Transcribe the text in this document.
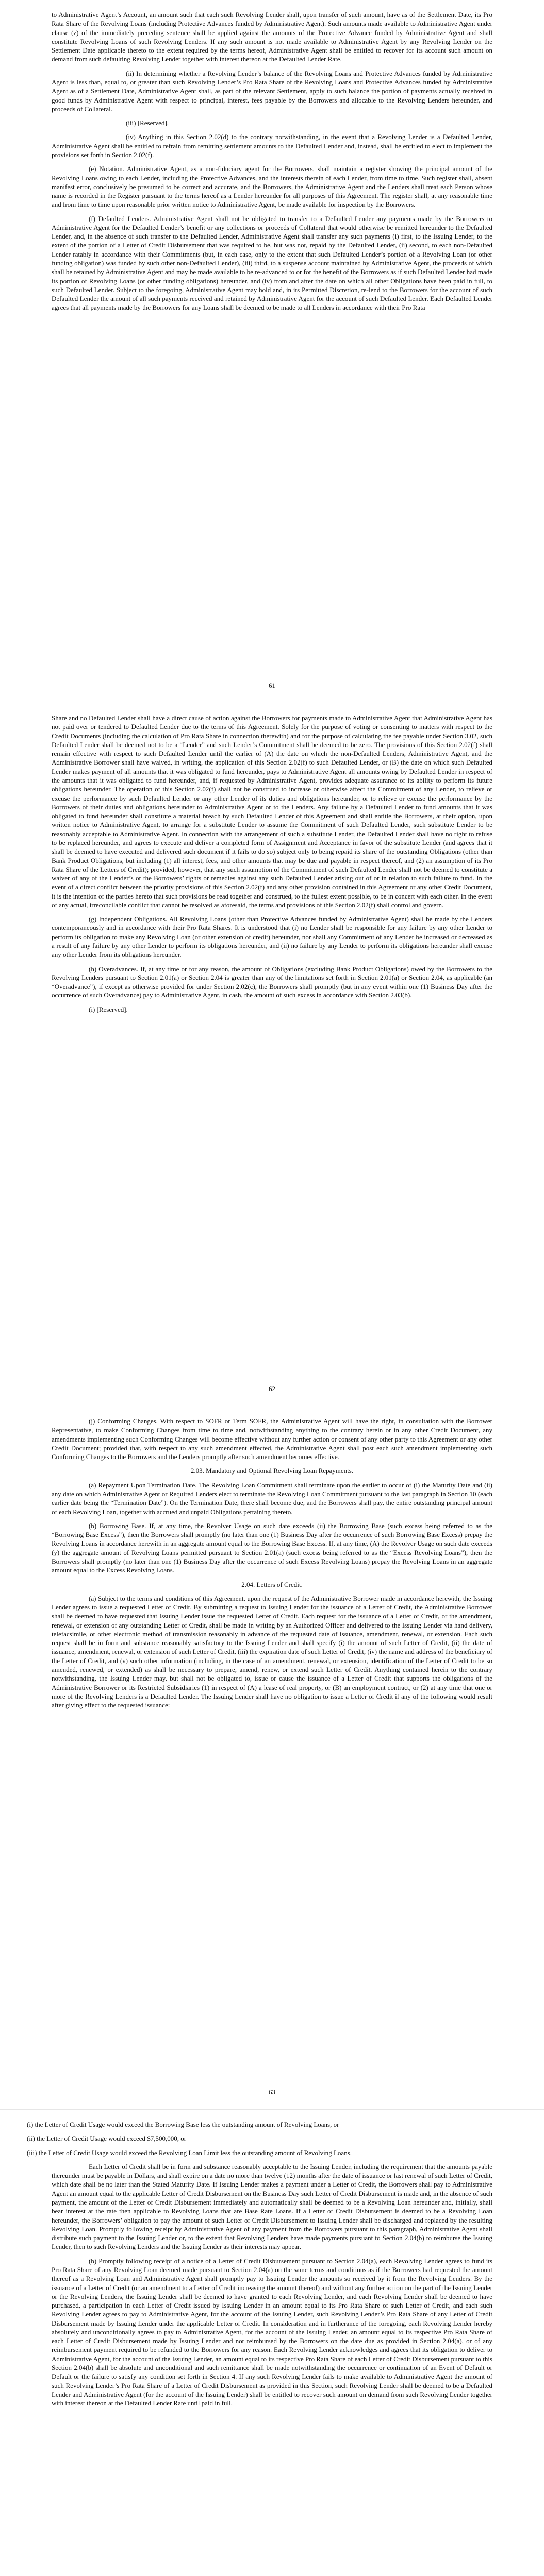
to Administrative Agent’s Account, an amount such that each such Revolving Lender shall, upon transfer of such amount, have as of the Settlement Date, its Pro Rata Share of the Revolving Loans (including Protective Advances funded by Administrative Agent). Such amounts made available to Administrative Agent under clause (z) of the immediately preceding sentence shall be applied against the amounts of the Protective Advance funded by Administrative Agent and shall constitute Revolving Loans of such Revolving Lenders. If any such amount is not made available to Administrative Agent by any Revolving Lender on the Settlement Date applicable thereto to the extent required by the terms hereof, Administrative Agent shall be entitled to recover for its account such amount on demand from such defaulting Revolving Lender together with interest thereon at the Defaulted Lender Rate.

(ii) In determining whether a Revolving Lender’s balance of the Revolving Loans and Protective Advances funded by Administrative Agent is less than, equal to, or greater than such Revolving Lender’s Pro Rata Share of the Revolving Loans and Protective Advances funded by Administrative Agent as of a Settlement Date, Administrative Agent shall, as part of the relevant Settlement, apply to such balance the portion of payments actually received in good funds by Administrative Agent with respect to principal, interest, fees payable by the Borrowers and allocable to the Revolving Lenders hereunder, and proceeds of Collateral.

(iii) [Reserved].

(iv) Anything in this Section 2.02(d) to the contrary notwithstanding, in the event that a Revolving Lender is a Defaulted Lender, Administrative Agent shall be entitled to refrain from remitting settlement amounts to the Defaulted Lender and, instead, shall be entitled to elect to implement the provisions set forth in Section 2.02(f).

(e) Notation. Administrative Agent, as a non-fiduciary agent for the Borrowers, shall maintain a register showing the principal amount of the Revolving Loans owing to each Lender, including the Protective Advances, and the interests therein of each Lender, from time to time. Such register shall, absent manifest error, conclusively be presumed to be correct and accurate, and the Borrowers, the Administrative Agent and the Lenders shall treat each Person whose name is recorded in the Register pursuant to the terms hereof as a Lender hereunder for all purposes of this Agreement. The register shall, at any reasonable time and from time to time upon reasonable prior written notice to Administrative Agent, be made available for inspection by the Borrowers.

(f) Defaulted Lenders. Administrative Agent shall not be obligated to transfer to a Defaulted Lender any payments made by the Borrowers to Administrative Agent for the Defaulted Lender’s benefit or any collections or proceeds of Collateral that would otherwise be remitted hereunder to the Defaulted Lender, and, in the absence of such transfer to the Defaulted Lender, Administrative Agent shall transfer any such payments (i) first, to the Issuing Lender, to the extent of the portion of a Letter of Credit Disbursement that was required to be, but was not, repaid by the Defaulted Lender, (ii) second, to each non-Defaulted Lender ratably in accordance with their Commitments (but, in each case, only to the extent that such Defaulted Lender’s portion of a Revolving Loan (or other funding obligation) was funded by such other non-Defaulted Lender), (iii) third, to a suspense account maintained by Administrative Agent, the proceeds of which shall be retained by Administrative Agent and may be made available to be re-advanced to or for the benefit of the Borrowers as if such Defaulted Lender had made its portion of Revolving Loans (or other funding obligations) hereunder, and (iv) from and after the date on which all other Obligations have been paid in full, to such Defaulted Lender. Subject to the foregoing, Administrative Agent may hold and, in its Permitted Discretion, re-lend to the Borrowers for the account of such Defaulted Lender the amount of all such payments received and retained by Administrative Agent for the account of such Defaulted Lender. Each Defaulted Lender agrees that all payments made by the Borrowers for any Loans shall be deemed to be made to all Lenders in accordance with their Pro Rata

61

Share and no Defaulted Lender shall have a direct cause of action against the Borrowers for payments made to Administrative Agent that Administrative Agent has not paid over or tendered to Defaulted Lender due to the terms of this Agreement. Solely for the purpose of voting or consenting to matters with respect to the Credit Documents (including the calculation of Pro Rata Share in connection therewith) and for the purpose of calculating the fee payable under Section 3.02, such Defaulted Lender shall be deemed not to be a “Lender” and such Lender’s Commitment shall be deemed to be zero. The provisions of this Section 2.02(f) shall remain effective with respect to such Defaulted Lender until the earlier of (A) the date on which the non-Defaulted Lenders, Administrative Agent, and the Administrative Borrower shall have waived, in writing, the application of this Section 2.02(f) to such Defaulted Lender, or (B) the date on which such Defaulted Lender makes payment of all amounts that it was obligated to fund hereunder, pays to Administrative Agent all amounts owing by Defaulted Lender in respect of the amounts that it was obligated to fund hereunder, and, if requested by Administrative Agent, provides adequate assurance of its ability to perform its future obligations hereunder. The operation of this Section 2.02(f) shall not be construed to increase or otherwise affect the Commitment of any Lender, to relieve or excuse the performance by such Defaulted Lender or any other Lender of its duties and obligations hereunder, or to relieve or excuse the performance by the Borrowers of their duties and obligations hereunder to Administrative Agent or to the Lenders. Any failure by a Defaulted Lender to fund amounts that it was obligated to fund hereunder shall constitute a material breach by such Defaulted Lender of this Agreement and shall entitle the Borrowers, at their option, upon written notice to Administrative Agent, to arrange for a substitute Lender to assume the Commitment of such Defaulted Lender, such substitute Lender to be reasonably acceptable to Administrative Agent. In connection with the arrangement of such a substitute Lender, the Defaulted Lender shall have no right to refuse to be replaced hereunder, and agrees to execute and deliver a completed form of Assignment and Acceptance in favor of the substitute Lender (and agrees that it shall be deemed to have executed and delivered such document if it fails to do so) subject only to being repaid its share of the outstanding Obligations (other than Bank Product Obligations, but including (1) all interest, fees, and other amounts that may be due and payable in respect thereof, and (2) an assumption of its Pro Rata Share of the Letters of Credit); provided, however, that any such assumption of the Commitment of such Defaulted Lender shall not be deemed to constitute a waiver of any of the Lender’s or the Borrowers’ rights or remedies against any such Defaulted Lender arising out of or in relation to such failure to fund. In the event of a direct conflict between the priority provisions of this Section 2.02(f) and any other provision contained in this Agreement or any other Credit Document, it is the intention of the parties hereto that such provisions be read together and construed, to the fullest extent possible, to be in concert with each other. In the event of any actual, irreconcilable conflict that cannot be resolved as aforesaid, the terms and provisions of this Section 2.02(f) shall control and govern.

(g) Independent Obligations. All Revolving Loans (other than Protective Advances funded by Administrative Agent) shall be made by the Lenders contemporaneously and in accordance with their Pro Rata Shares. It is understood that (i) no Lender shall be responsible for any failure by any other Lender to perform its obligation to make any Revolving Loan (or other extension of credit) hereunder, nor shall any Commitment of any Lender be increased or decreased as a result of any failure by any other Lender to perform its obligations hereunder, and (ii) no failure by any Lender to perform its obligations hereunder shall excuse any other Lender from its obligations hereunder.

(h) Overadvances. If, at any time or for any reason, the amount of Obligations (excluding Bank Product Obligations) owed by the Borrowers to the Revolving Lenders pursuant to Section 2.01(a) or Section 2.04 is greater than any of the limitations set forth in Section 2.01(a) or Section 2.04, as applicable (an “Overadvance”), if except as otherwise provided for under Section 2.02(c), the Borrowers shall promptly (but in any event within one (1) Business Day after the occurrence of such Overadvance) pay to Administrative Agent, in cash, the amount of such excess in accordance with Section 2.03(b).

(i) [Reserved].

62

(j) Conforming Changes. With respect to SOFR or Term SOFR, the Administrative Agent will have the right, in consultation with the Borrower Representative, to make Conforming Changes from time to time and, notwithstanding anything to the contrary herein or in any other Credit Document, any amendments implementing such Conforming Changes will become effective without any further action or consent of any other party to this Agreement or any other Credit Document; provided that, with respect to any such amendment effected, the Administrative Agent shall post each such amendment implementing such Conforming Changes to the Borrowers and the Lenders promptly after such amendment becomes effective.

2.03. Mandatory and Optional Revolving Loan Repayments.

(a) Repayment Upon Termination Date. The Revolving Loan Commitment shall terminate upon the earlier to occur of (i) the Maturity Date and (ii) any date on which Administrative Agent or Required Lenders elect to terminate the Revolving Loan Commitment pursuant to the last paragraph in Section 10 (each earlier date being the “Termination Date”). On the Termination Date, there shall become due, and the Borrowers shall pay, the entire outstanding principal amount of each Revolving Loan, together with accrued and unpaid Obligations pertaining thereto.

(b) Borrowing Base. If, at any time, the Revolver Usage on such date exceeds (ii) the Borrowing Base (such excess being referred to as the “Borrowing Base Excess”), then the Borrowers shall promptly (no later than one (1) Business Day after the occurrence of such Borrowing Base Excess) prepay the Revolving Loans in accordance herewith in an aggregate amount equal to the Borrowing Base Excess. If, at any time, (A) the Revolver Usage on such date exceeds (y) the aggregate amount of Revolving Loans permitted pursuant to Section 2.01(a) (such excess being referred to as the “Excess Revolving Loans”), then the Borrowers shall promptly (no later than one (1) Business Day after the occurrence of such Excess Revolving Loans) prepay the Revolving Loans in an aggregate amount equal to the Excess Revolving Loans.

2.04. Letters of Credit.

(a) Subject to the terms and conditions of this Agreement, upon the request of the Administrative Borrower made in accordance herewith, the Issuing Lender agrees to issue a requested Letter of Credit. By submitting a request to Issuing Lender for the issuance of a Letter of Credit, the Administrative Borrower shall be deemed to have requested that Issuing Lender issue the requested Letter of Credit. Each request for the issuance of a Letter of Credit, or the amendment, renewal, or extension of any outstanding Letter of Credit, shall be made in writing by an Authorized Officer and delivered to the Issuing Lender via hand delivery, telefacsimile, or other electronic method of transmission reasonably in advance of the requested date of issuance, amendment, renewal, or extension. Each such request shall be in form and substance reasonably satisfactory to the Issuing Lender and shall specify (i) the amount of such Letter of Credit, (ii) the date of issuance, amendment, renewal, or extension of such Letter of Credit, (iii) the expiration date of such Letter of Credit, (iv) the name and address of the beneficiary of the Letter of Credit, and (v) such other information (including, in the case of an amendment, renewal, or extension, identification of the Letter of Credit to be so amended, renewed, or extended) as shall be necessary to prepare, amend, renew, or extend such Letter of Credit. Anything contained herein to the contrary notwithstanding, the Issuing Lender may, but shall not be obligated to, issue or cause the issuance of a Letter of Credit that supports the obligations of the Administrative Borrower or its Restricted Subsidiaries (1) in respect of (A) a lease of real property, or (B) an employment contract, or (2) at any time that one or more of the Revolving Lenders is a Defaulted Lender. The Issuing Lender shall have no obligation to issue a Letter of Credit if any of the following would result after giving effect to the requested issuance:

63

(i) the Letter of Credit Usage would exceed the Borrowing Base less the outstanding amount of Revolving Loans, or

(ii) the Letter of Credit Usage would exceed $7,500,000, or

(iii) the Letter of Credit Usage would exceed the Revolving Loan Limit less the outstanding amount of Revolving Loans.

Each Letter of Credit shall be in form and substance reasonably acceptable to the Issuing Lender, including the requirement that the amounts payable thereunder must be payable in Dollars, and shall expire on a date no more than twelve (12) months after the date of issuance or last renewal of such Letter of Credit, which date shall be no later than the Stated Maturity Date. If Issuing Lender makes a payment under a Letter of Credit, the Borrowers shall pay to Administrative Agent an amount equal to the applicable Letter of Credit Disbursement on the Business Day such Letter of Credit Disbursement is made and, in the absence of such payment, the amount of the Letter of Credit Disbursement immediately and automatically shall be deemed to be a Revolving Loan hereunder and, initially, shall bear interest at the rate then applicable to Revolving Loans that are Base Rate Loans. If a Letter of Credit Disbursement is deemed to be a Revolving Loan hereunder, the Borrowers’ obligation to pay the amount of such Letter of Credit Disbursement to Issuing Lender shall be discharged and replaced by the resulting Revolving Loan. Promptly following receipt by Administrative Agent of any payment from the Borrowers pursuant to this paragraph, Administrative Agent shall distribute such payment to the Issuing Lender or, to the extent that Revolving Lenders have made payments pursuant to Section 2.04(b) to reimburse the Issuing Lender, then to such Revolving Lenders and the Issuing Lender as their interests may appear.

(b) Promptly following receipt of a notice of a Letter of Credit Disbursement pursuant to Section 2.04(a), each Revolving Lender agrees to fund its Pro Rata Share of any Revolving Loan deemed made pursuant to Section 2.04(a) on the same terms and conditions as if the Borrowers had requested the amount thereof as a Revolving Loan and Administrative Agent shall promptly pay to Issuing Lender the amounts so received by it from the Revolving Lenders. By the issuance of a Letter of Credit (or an amendment to a Letter of Credit increasing the amount thereof) and without any further action on the part of the Issuing Lender or the Revolving Lenders, the Issuing Lender shall be deemed to have granted to each Revolving Lender, and each Revolving Lender shall be deemed to have purchased, a participation in each Letter of Credit issued by Issuing Lender in an amount equal to its Pro Rata Share of such Letter of Credit, and each such Revolving Lender agrees to pay to Administrative Agent, for the account of the Issuing Lender, such Revolving Lender’s Pro Rata Share of any Letter of Credit Disbursement made by Issuing Lender under the applicable Letter of Credit. In consideration and in furtherance of the foregoing, each Revolving Lender hereby absolutely and unconditionally agrees to pay to Administrative Agent, for the account of the Issuing Lender, an amount equal to its respective Pro Rata Share of each Letter of Credit Disbursement made by Issuing Lender and not reimbursed by the Borrowers on the date due as provided in Section 2.04(a), or of any reimbursement payment required to be refunded to the Borrowers for any reason. Each Revolving Lender acknowledges and agrees that its obligation to deliver to Administrative Agent, for the account of the Issuing Lender, an amount equal to its respective Pro Rata Share of each Letter of Credit Disbursement pursuant to this Section 2.04(b) shall be absolute and unconditional and such remittance shall be made notwithstanding the occurrence or continuation of an Event of Default or Default or the failure to satisfy any condition set forth in Section 4. If any such Revolving Lender fails to make available to Administrative Agent the amount of such Revolving Lender’s Pro Rata Share of a Letter of Credit Disbursement as provided in this Section, such Revolving Lender shall be deemed to be a Defaulted Lender and Administrative Agent (for the account of the Issuing Lender) shall be entitled to recover such amount on demand from such Revolving Lender together with interest thereon at the Defaulted Lender Rate until paid in full.
